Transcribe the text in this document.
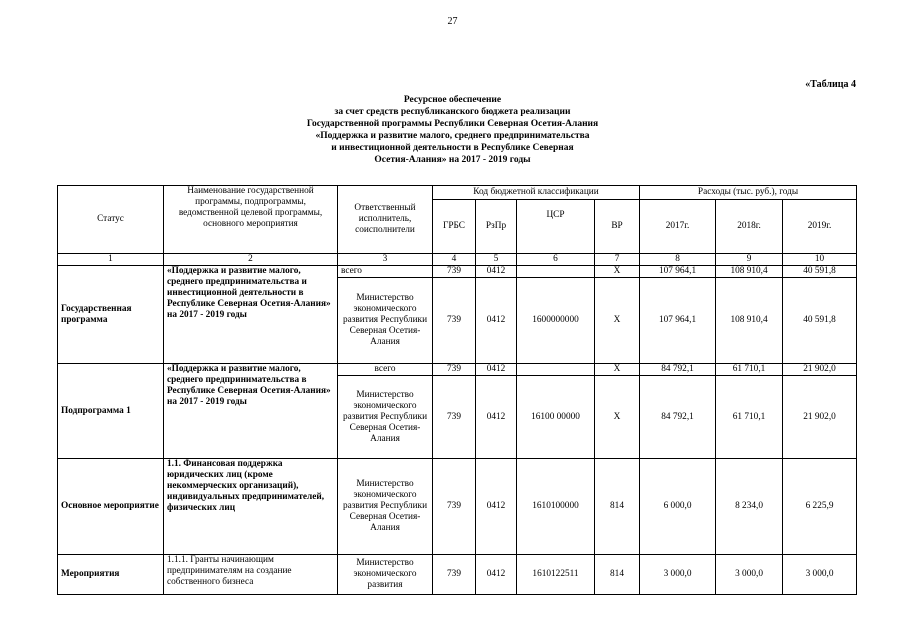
27
«Таблица 4
Ресурсное обеспечение
за счет средств республиканского бюджета реализации
Государственной программы Республики Северная Осетия-Алания
«Поддержка и развитие малого, среднего предпринимательства
и инвестиционной деятельности в Республике Северная
Осетия-Алания» на 2017 - 2019 годы
Статус	Наименование государственной программы, подпрограммы, ведомственной целевой программы, основного мероприятия	Ответственный исполнитель, соисполнители	Код бюджетной классификации				Расходы (тыс. руб.), годы		
			ГРБС	РзПр	ЦСР	ВР	2017г.	2018г.	2019г.
1	2	3	4	5	6	7	8	9	10
Государственная программа	«Поддержка и развитие малого, среднего предпринимательства и инвестиционной деятельности в Республике Северная Осетия-Алания» на 2017 - 2019 годы	всего	739	0412		Х	107 964,1	108 910,4	40 591,8
		Министерство экономического развития Республики Северная Осетия-Алания	739	0412	1600000000	Х	107 964,1	108 910,4	40 591,8
Подпрограмма 1	«Поддержка и развитие малого, среднего предпринимательства в Республике Северная Осетия-Алания» на 2017 - 2019 годы	всего	739	0412		Х	84 792,1	61 710,1	21 902,0
		Министерство экономического развития Республики Северная Осетия-Алания	739	0412	16100 00000	Х	84 792,1	61 710,1	21 902,0
Основное мероприятие	1.1. Финансовая поддержка юридических лиц (кроме некоммерческих организаций), индивидуальных предпринимателей, физических лиц	Министерство экономического развития Республики Северная Осетия-Алания	739	0412	1610100000	814	6 000,0	8 234,0	6 225,9
Мероприятия	1.1.1. Гранты начинающим предпринимателям на создание собственного бизнеса	Министерство экономического развития	739	0412	1610122511	814	3 000,0	3 000,0	3 000,0
